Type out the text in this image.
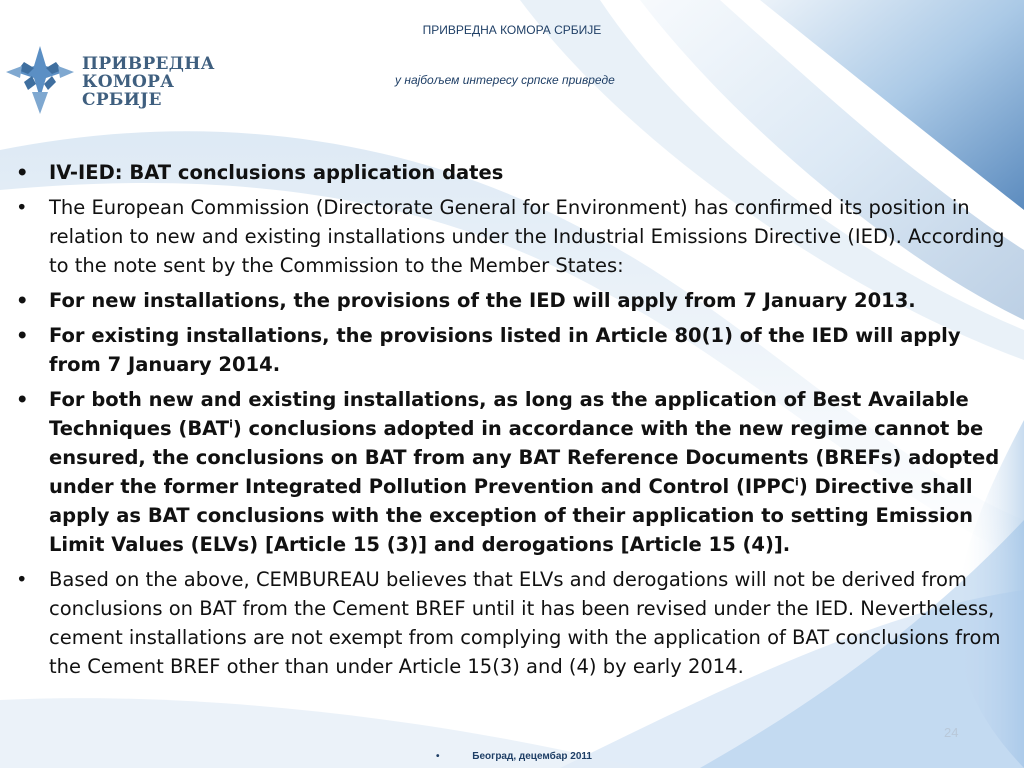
ПРИВРЕДНА
КОМОРА
СРБИЈЕ
ПРИВРЕДНА КОМОРА СРБИЈЕ
у најбољем интересу српске привреде
•	IV-IED: BAT conclusions application dates
•	The European Commission (Directorate General for Environment) has confirmed its position in relation to new and existing installations under the Industrial Emissions Directive (IED). According to the note sent by the Commission to the Member States:
•	For new installations, the provisions of the IED will apply from 7 January 2013.
•	For existing installations, the provisions listed in Article 80(1) of the IED will apply from 7 January 2014.
•	For both new and existing installations, as long as the application of Best Available Techniques (BAT$^i$) conclusions adopted in accordance with the new regime cannot be ensured, the conclusions on BAT from any BAT Reference Documents (BREFs) adopted under the former Integrated Pollution Prevention and Control (IPPC$^i$) Directive shall apply as BAT conclusions with the exception of their application to setting Emission Limit Values (ELVs) [Article 15 (3)] and derogations [Article 15 (4)].
•	Based on the above, CEMBUREAU believes that ELVs and derogations will not be derived from conclusions on BAT from the Cement BREF until it has been revised under the IED. Nevertheless, cement installations are not exempt from complying with the application of BAT conclusions from the Cement BREF other than under Article 15(3) and (4) by early 2014.
24
•	Београд, децембар 2011
